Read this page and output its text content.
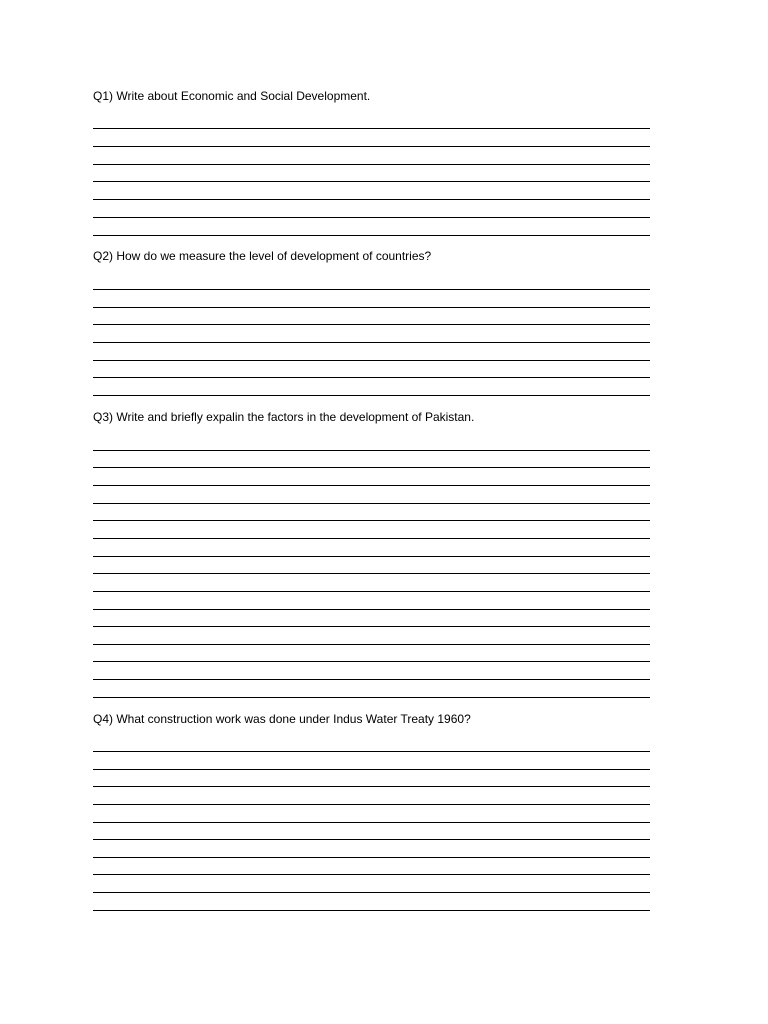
Q1) Write about Economic and Social Development.
Q2) How do we measure the level of development of countries?
Q3) Write and briefly expalin the factors in the development of Pakistan.
Q4) What construction work was done under Indus Water Treaty 1960?
